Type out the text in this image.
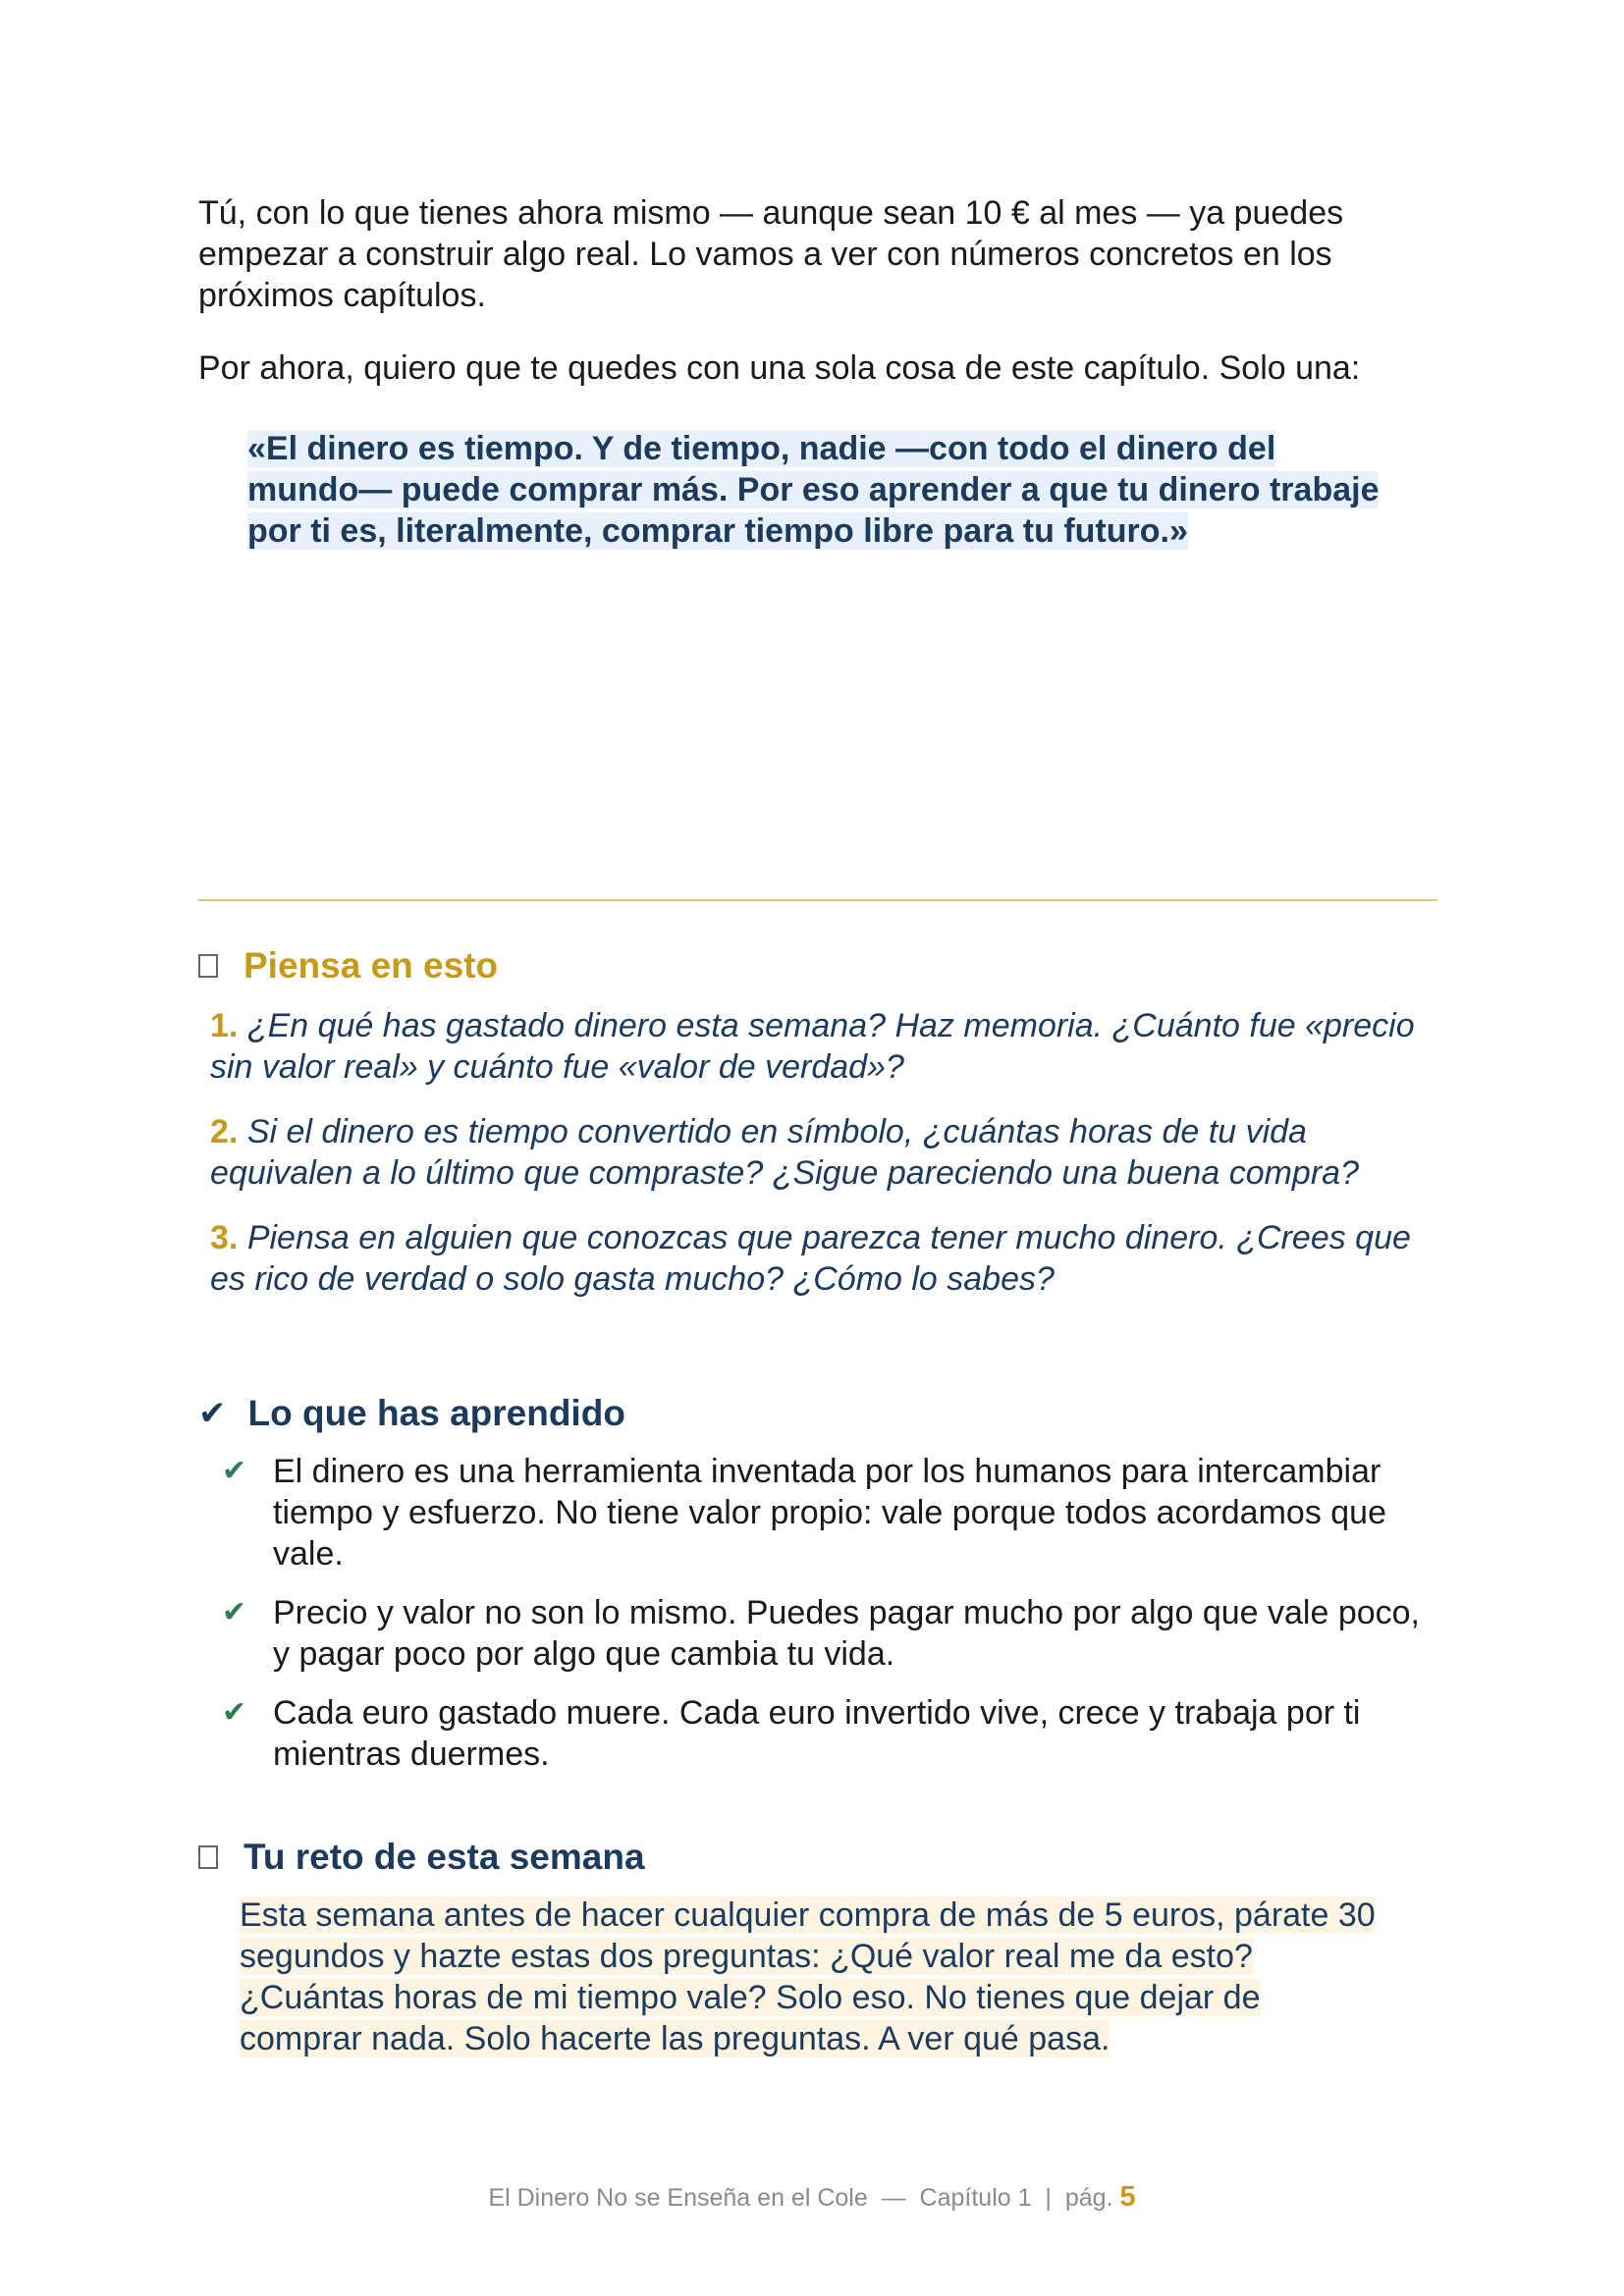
Tú, con lo que tienes ahora mismo — aunque sean 10 € al mes — ya puedes empezar a construir algo real. Lo vamos a ver con números concretos en los próximos capítulos.

Por ahora, quiero que te quedes con una sola cosa de este capítulo. Solo una:

«El dinero es tiempo. Y de tiempo, nadie —con todo el dinero del mundo— puede comprar más. Por eso aprender a que tu dinero trabaje por ti es, literalmente, comprar tiempo libre para tu futuro.»
Piensa en esto

1. ¿En qué has gastado dinero esta semana? Haz memoria. ¿Cuánto fue «precio sin valor real» y cuánto fue «valor de verdad»?

2. Si el dinero es tiempo convertido en símbolo, ¿cuántas horas de tu vida equivalen a lo último que compraste? ¿Sigue pareciendo una buena compra?

3. Piensa en alguien que conozcas que parezca tener mucho dinero. ¿Crees que es rico de verdad o solo gasta mucho? ¿Cómo lo sabes?

✔ Lo que has aprendido
✔ El dinero es una herramienta inventada por los humanos para intercambiar tiempo y esfuerzo. No tiene valor propio: vale porque todos acordamos que vale.
✔ Precio y valor no son lo mismo. Puedes pagar mucho por algo que vale poco, y pagar poco por algo que cambia tu vida.
✔ Cada euro gastado muere. Cada euro invertido vive, crece y trabaja por ti mientras duermes.
Tu reto de esta semana
Esta semana antes de hacer cualquier compra de más de 5 euros, párate 30 segundos y hazte estas dos preguntas: ¿Qué valor real me da esto? ¿Cuántas horas de mi tiempo vale? Solo eso. No tienes que dejar de comprar nada. Solo hacerte las preguntas. A ver qué pasa.
El Dinero No se Enseña en el Cole — Capítulo 1 | pág. 5
